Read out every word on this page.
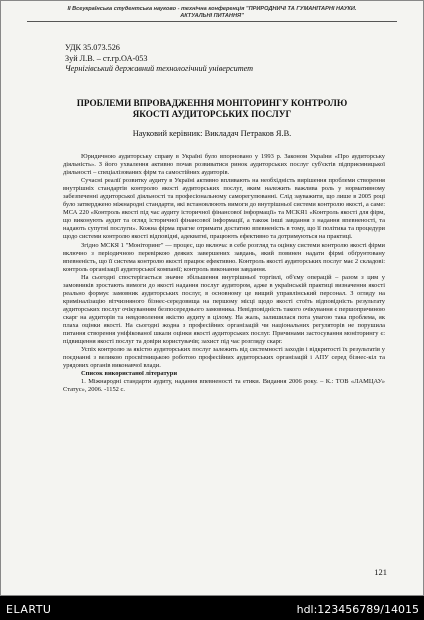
ІІ Всеукраїнська студентська науково - технічна конференція "ПРИРОДНИЧІ ТА ГУМАНІТАРНІ НАУКИ.
АКТУАЛЬНІ ПИТАННЯ"
УДК 35.073.526
Зуй Л.В. – ст.гр.ОА-053
Чернігівський державний технологічний університет
ПРОБЛЕМИ ВПРОВАДЖЕННЯ МОНІТОРИНГУ КОНТРОЛЮ
ЯКОСТІ АУДИТОРСЬКИХ ПОСЛУГ
Науковий керівник: Викладач Петраков Я.В.

Юридичною аудиторську справу в Україні було впорновано у 1993 р. Законом України «Про аудиторську діяльність». З його ухвалення активно почав розвиватися ринок аудиторських послуг суб'єктів підприємницької діяльності – спеціалізованих фірм та самостійних аудиторів.

Сучасні реалії розвитку аудиту в Україні активно впливають на необхідність вирішення проблеми створення внутрішніх стандартів контролю якості аудиторських послуг, яким належить важлива роль у нормативному забезпеченні аудиторської діяльності та професіональному самoрегулюванні. Слід зауважити, що лише в 2005 році було затверджено міжнародні стандарти, які встановлюють вимоги до внутрішньої системи контролю якості, а саме: МСА 220 «Контроль якості під час аудиту історичної фінансової інформації» та МСКЯ1 «Контроль якості для фірм, що виконують аудит та огляд історичної фінансової інформації, а також інші завдання з надання впевненості, та надають супутні послуги». Кожна фірма прагне отримати достатню впевненість в тому, що її політика та процедури щодо системи контролю якості відповідні, адекватні, працюють ефективно та дотримуються на практиці.

Згідно МСКЯ 1 "Моніторинг" — процес, що включа: в себе розгляд та оцінку системи контролю якості фірми включно з періодичною перевіркою деяких завершених завдань, який повинен надати фірмі обґрунтовану впевненість, що її система контролю якості працює ефективно. Контроль якості аудиторських послуг має 2 складові: контроль організації аудиторської компанії; контроль виконання завдання.

На сьогодні спостерігається значне збільшення внутрішньої торгівлі, об'єму операцій – разом з цим у замовників зростають вимоги до якості надання послуг аудитором, адже в українській практиці визначення якості реально формує замовник аудиторських послуг, в основному це вищий управлінський персонал. З огляду на криміналізацію вітчизняного бізнес-середовища на першому місці щодо якості стоїть відповідність результату аудиторських послуг очікуванням безпосереднього замовника. Невідповідність такого очікування є першопричиною скарг на аудиторів та невдоволення якістю аудиту в цілому. На жаль, залишилася пота увагою така проблема, як плаха оцінки якості. На сьогодні жодна з професійних організацій чи національних регуляторів не порушила питання створення уніфікованої шкали оцінки якості аудиторських послуг. Причинами застосування моніторингу є: підвищення якості послуг та довіри користувачів; захист під час розгляду скарг.

Успіх контролю за якістю аудиторських послуг залежить від системності заходів і відкритості їх результатів у поєднанні з великою просвітницькою роботою професійних аудиторських організацій і АПУ серед бізнес-кіл та урядових органів виконавчої влади.

Список використаної літератури

1. Міжнародні стандарти аудиту, надання впевненості та етики. Видання 2006 року. – К.: ТОВ «ЛАМЦАУ» Статус», 2006. -1152 с.

121
ELARTU	hdl:123456789/14015
